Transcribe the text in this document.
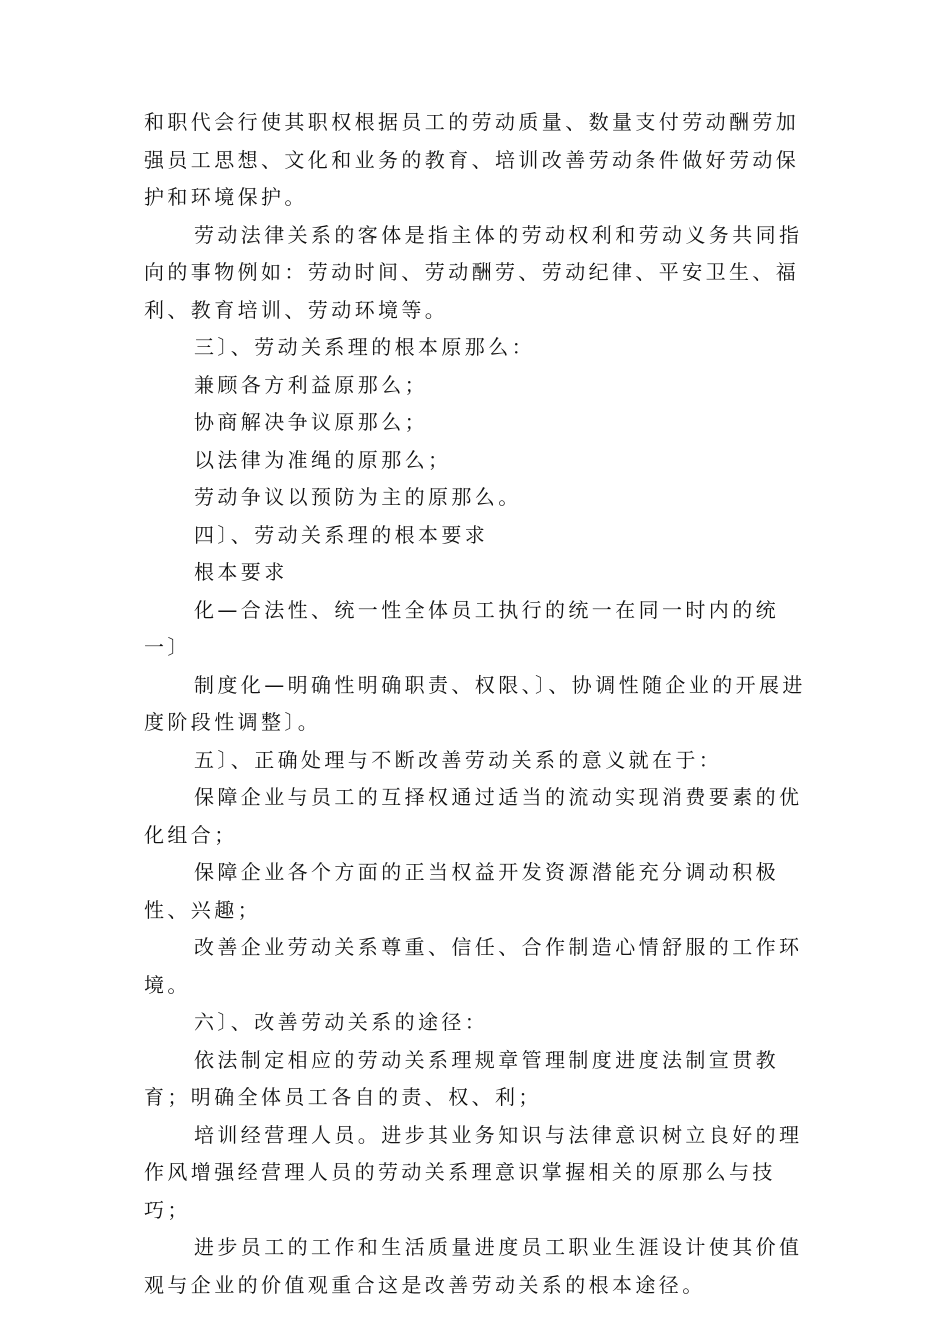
和职代会行使其职权根据员工的劳动质量、数量支付劳动酬劳加强员工思想、文化和业务的教育、培训改善劳动条件做好劳动保护和环境保护。

劳动法律关系的客体是指主体的劳动权利和劳动义务共同指向的事物例如：劳动时间、劳动酬劳、劳动纪律、平安卫生、福利、教育培训、劳动环境等。

三〕、劳动关系理的根本原那么：

兼顾各方利益原那么；

协商解决争议原那么；

以法律为准绳的原那么；

劳动争议以预防为主的原那么。

四〕、劳动关系理的根本要求

根本要求

化—合法性、统一性全体员工执行的统一在同一时内的统一〕

制度化—明确性明确职责、权限、〕、协调性随企业的开展进度阶段性调整〕。

五〕、正确处理与不断改善劳动关系的意义就在于：

保障企业与员工的互择权通过适当的流动实现消费要素的优化组合；

保障企业各个方面的正当权益开发资源潜能充分调动积极性、兴趣；

改善企业劳动关系尊重、信任、合作制造心情舒服的工作环境。

六〕、改善劳动关系的途径：

依法制定相应的劳动关系理规章管理制度进度法制宣贯教育；明确全体员工各自的责、权、利；

培训经营理人员。进步其业务知识与法律意识树立良好的理作风增强经营理人员的劳动关系理意识掌握相关的原那么与技巧；

进步员工的工作和生活质量进度员工职业生涯设计使其价值观与企业的价值观重合这是改善劳动关系的根本途径。
